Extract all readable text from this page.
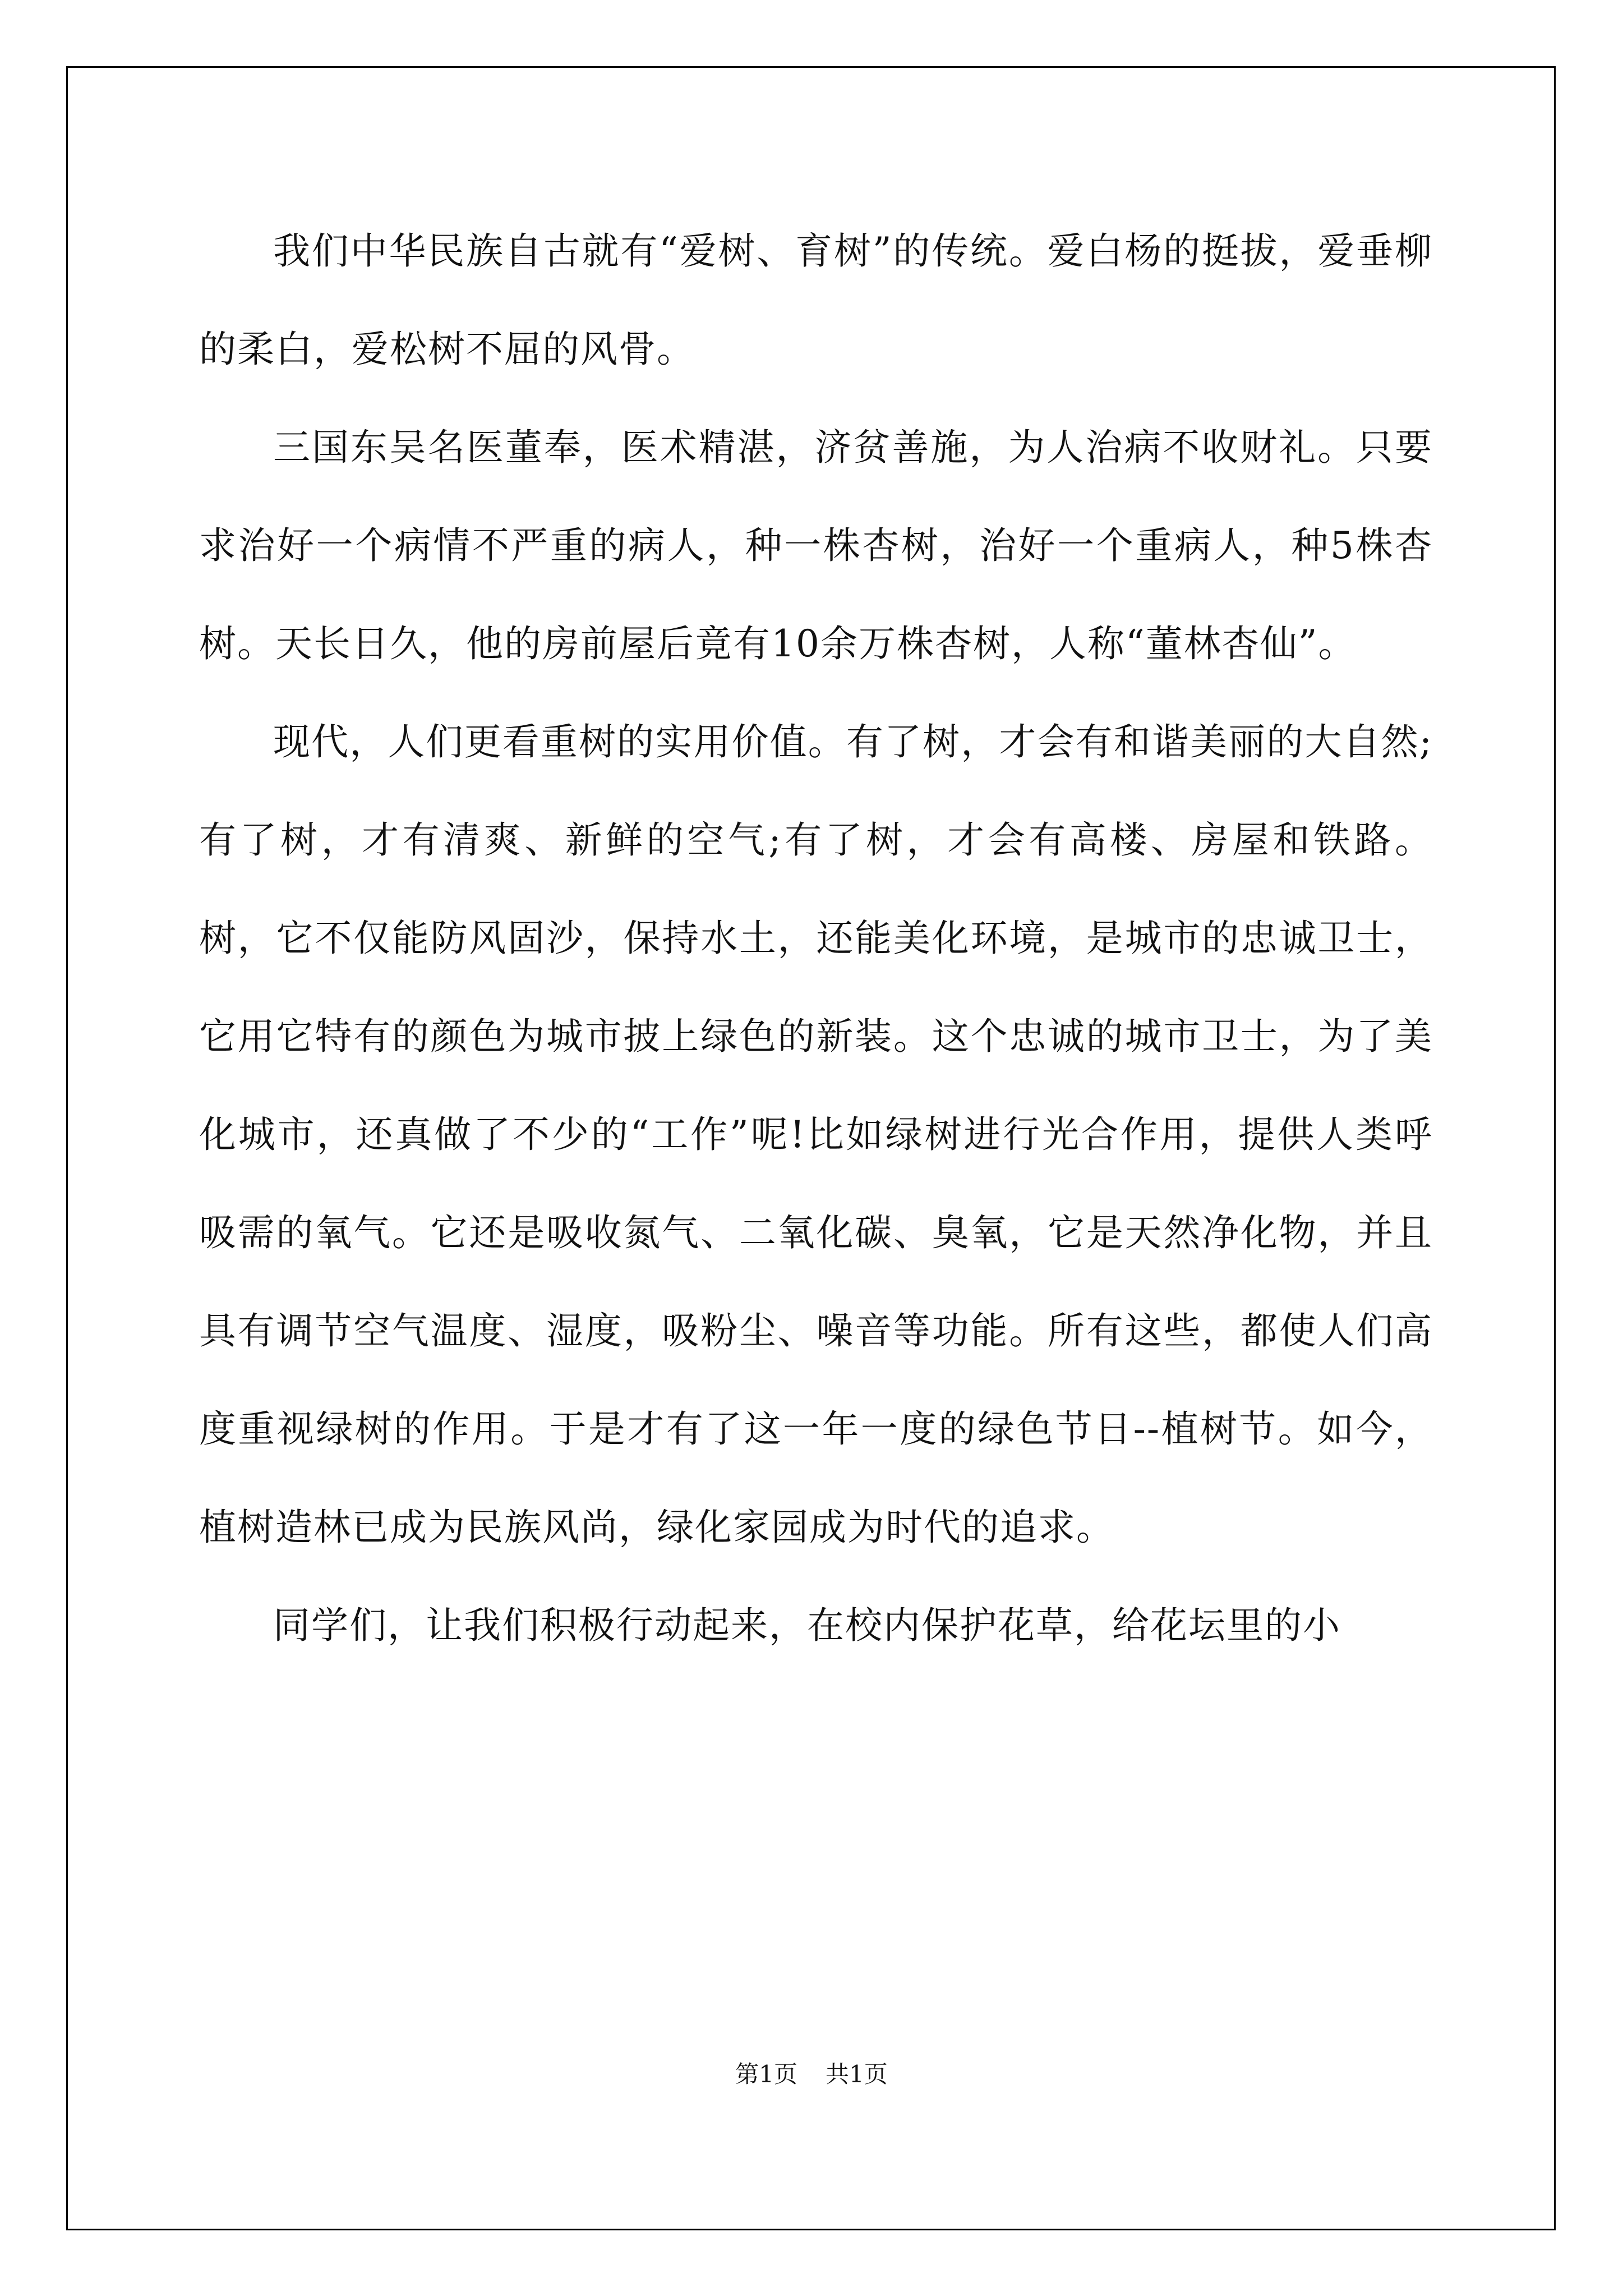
我们中华民族自古就有“爱树、育树”的传统。爱白杨的挺拔，爱垂柳的柔白，爱松树不屈的风骨。

三国东吴名医董奉，医术精湛，济贫善施，为人治病不收财礼。只要求治好一个病情不严重的病人，种一株杏树，治好一个重病人，种5株杏树。天长日久，他的房前屋后竟有10余万株杏树，人称“董林杏仙”。

现代，人们更看重树的实用价值。有了树，才会有和谐美丽的大自然;有了树，才有清爽、新鲜的空气;有了树，才会有高楼、房屋和铁路。树，它不仅能防风固沙，保持水土，还能美化环境，是城市的忠诚卫士，它用它特有的颜色为城市披上绿色的新装。这个忠诚的城市卫士，为了美化城市，还真做了不少的“工作”呢!比如绿树进行光合作用，提供人类呼吸需的氧气。它还是吸收氮气、二氧化碳、臭氧，它是天然净化物，并且具有调节空气温度、湿度，吸粉尘、噪音等功能。所有这些，都使人们高度重视绿树的作用。于是才有了这一年一度的绿色节日--植树节。如今，植树造林已成为民族风尚，绿化家园成为时代的追求。

同学们，让我们积极行动起来，在校内保护花草，给花坛里的小

第1页 共1页
